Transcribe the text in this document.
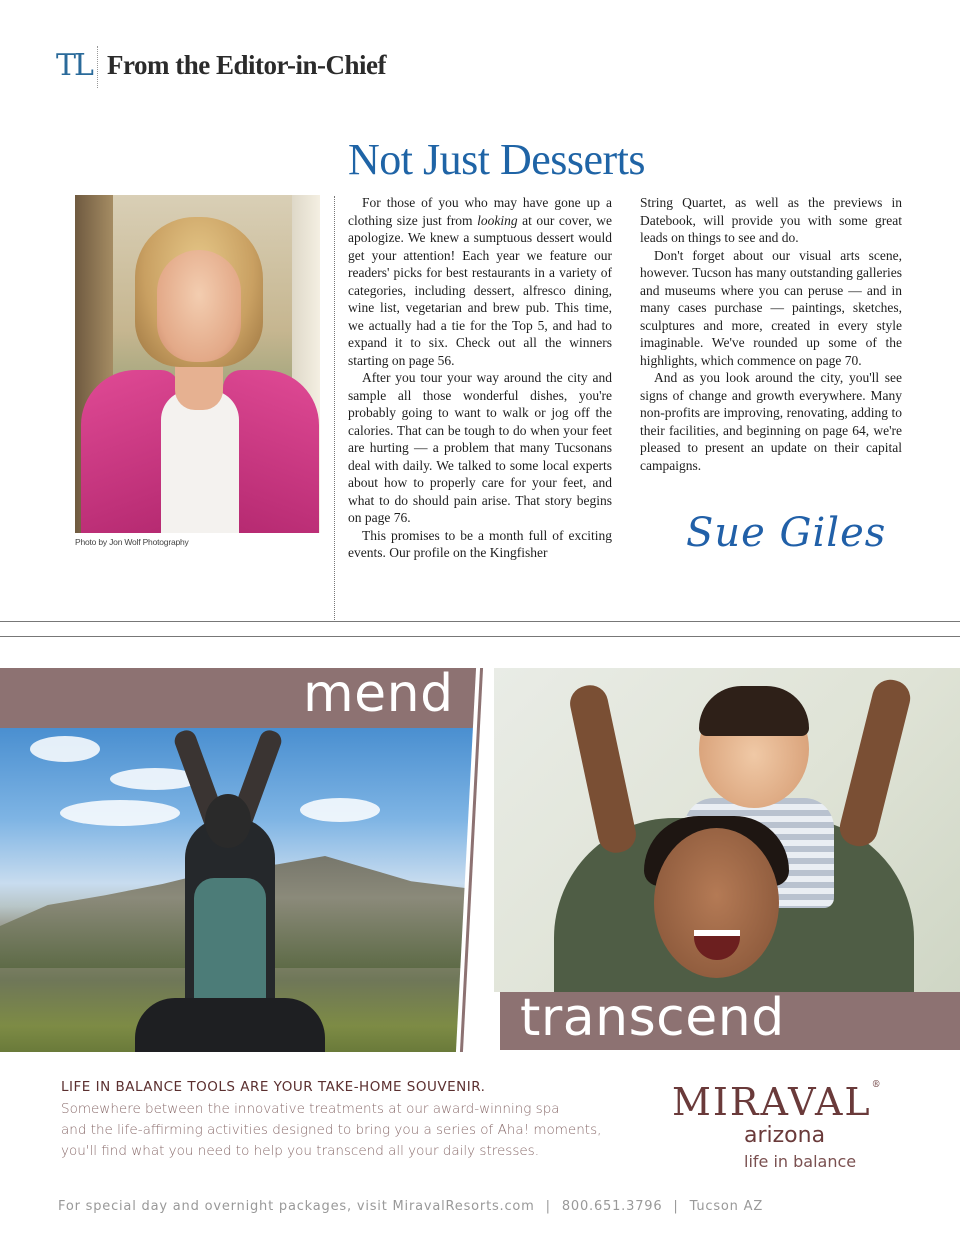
TL From the Editor-in-Chief
Not Just Desserts
Photo by Jon Wolf Photography

For those of you who may have gone up a clothing size just from looking at our cover, we apologize. We knew a sumptuous dessert would get your attention! Each year we feature our readers' picks for best restaurants in a variety of categories, including dessert, alfresco dining, wine list, vegetarian and brew pub. This time, we actually had a tie for the Top 5, and had to expand it to six. Check out all the winners starting on page 56.

After you tour your way around the city and sample all those wonderful dishes, you're probably going to want to walk or jog off the calories. That can be tough to do when your feet are hurting — a problem that many Tucsonans deal with daily. We talked to some local experts about how to properly care for your feet, and what to do should pain arise. That story begins on page 76.

This promises to be a month full of exciting events. Our profile on the Kingfisher

String Quartet, as well as the previews in Datebook, will provide you with some great leads on things to see and do.

Don't forget about our visual arts scene, however. Tucson has many outstanding galleries and museums where you can peruse — and in many cases purchase — paintings, sketches, sculptures and more, created in every style imaginable. We've rounded up some of the highlights, which commence on page 70.

And as you look around the city, you'll see signs of change and growth everywhere. Many non-profits are improving, renovating, adding to their facilities, and beginning on page 64, we're pleased to present an update on their capital campaigns.

Sue Giles
mend
transcend
LIFE IN BALANCE TOOLS ARE YOUR TAKE-HOME SOUVENIR.
Somewhere between the innovative treatments at our award-winning spa
and the life-affirming activities designed to bring you a series of Aha! moments,
you'll find what you need to help you transcend all your daily stresses.
MIRAVAL®
arizona
life in balance
For special day and overnight packages, visit MiravalResorts.com | 800.651.3796 | Tucson AZ
